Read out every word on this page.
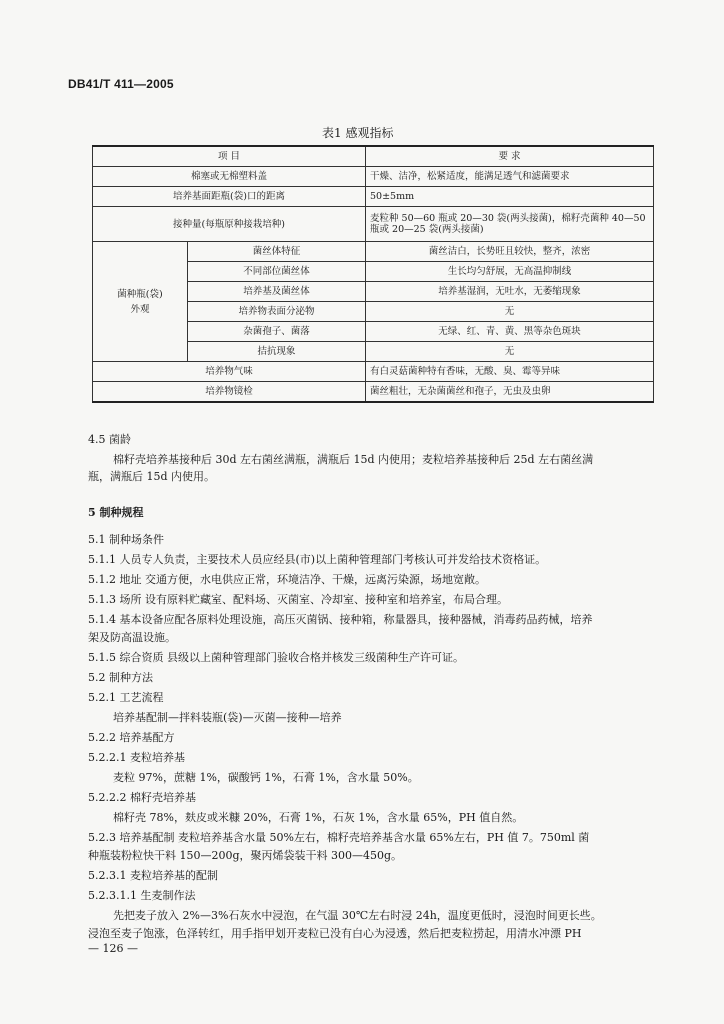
DB41/T 411—2005
表1 感观指标
项 目		要 求
棉塞或无棉塑料盖		干燥、洁净，松紧适度，能满足透气和滤菌要求
培养基面距瓶(袋)口的距离		50±5mm
接种量(每瓶原种接栽培种)		麦粒种 50—60 瓶或 20—30 袋(两头接菌)，棉籽壳菌种 40—50 瓶或 20—25 袋(两头接菌)
菌种瓶(袋)
外观	菌丝体特征	菌丝洁白，长势旺且较快，整齐，浓密
	不同部位菌丝体	生长均匀舒展，无高温抑制线
	培养基及菌丝体	培养基湿润，无吐水，无萎缩现象
	培养物表面分泌物	无
	杂菌孢子、菌落	无绿、红、青、黄、黑等杂色斑块
	拮抗现象	无
培养物气味		有白灵菇菌种特有香味，无酸、臭、霉等异味
培养物镜检		菌丝粗壮，无杂菌菌丝和孢子，无虫及虫卵
4.5 菌龄
棉籽壳培养基接种后 30d 左右菌丝满瓶，满瓶后 15d 内使用；麦粒培养基接种后 25d 左右菌丝满
瓶，满瓶后 15d 内使用。
5 制种规程
5.1 制种场条件
5.1.1 人员专人负责，主要技术人员应经县(市)以上菌种管理部门考核认可并发给技术资格证。
5.1.2 地址 交通方便，水电供应正常，环境洁净、干燥，远离污染源，场地宽敞。
5.1.3 场所 设有原料贮藏室、配料场、灭菌室、冷却室、接种室和培养室，布局合理。
5.1.4 基本设备应配各原料处理设施，高压灭菌锅、接种箱，称量器具，接种器械，消毒药品药械，培养
架及防高温设施。
5.1.5 综合资质 县级以上菌种管理部门验收合格并核发三级菌种生产许可证。
5.2 制种方法
5.2.1 工艺流程
培养基配制—拌料装瓶(袋)—灭菌—接种—培养
5.2.2 培养基配方
5.2.2.1 麦粒培养基
麦粒 97%，蔗糖 1%，碳酸钙 1%，石膏 1%，含水量 50%。
5.2.2.2 棉籽壳培养基
棉籽壳 78%，麸皮或米糠 20%，石膏 1%，石灰 1%，含水量 65%，PH 值自然。
5.2.3 培养基配制 麦粒培养基含水量 50%左右，棉籽壳培养基含水量 65%左右，PH 值 7。750ml 菌
种瓶装粉粒快干料 150—200g，聚丙烯袋装干料 300—450g。
5.2.3.1 麦粒培养基的配制
5.2.3.1.1 生麦制作法
先把麦子放入 2%—3%石灰水中浸泡，在气温 30℃左右时浸 24h，温度更低时，浸泡时间更长些。
浸泡至麦子饱涨，色泽转红，用手指甲划开麦粒已没有白心为浸透，然后把麦粒捞起，用清水冲漂 PH
— 126 —
